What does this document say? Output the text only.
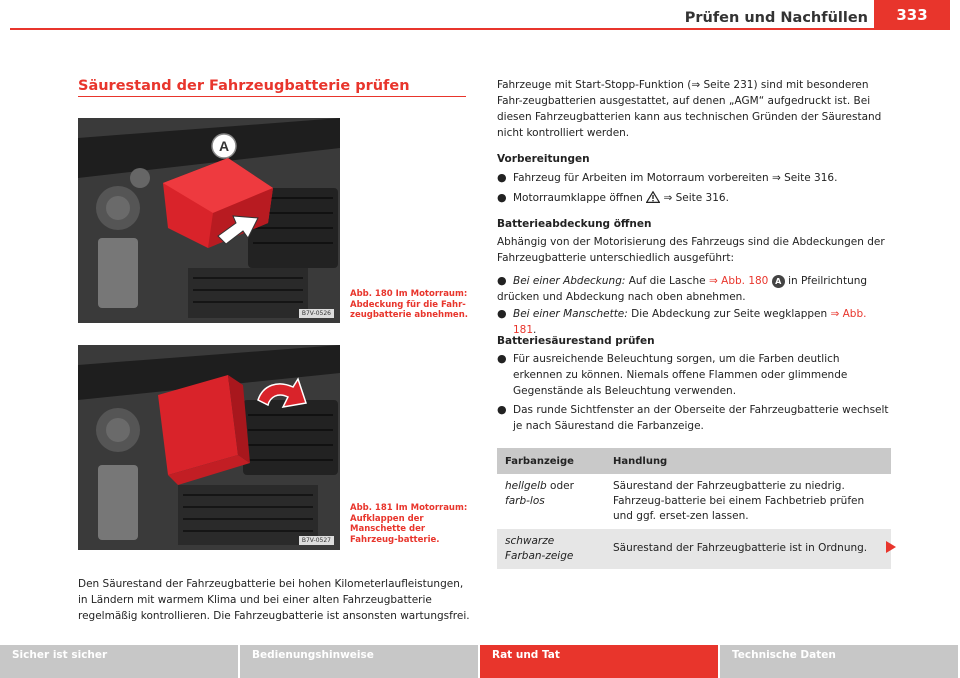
Prüfen und Nachfüllen	333
Säurestand der Fahrzeugbatterie prüfen
A
B7V-0526
Abb. 180 Im Motorraum: Abdeckung für die Fahr-zeugbatterie abnehmen.
B7V-0527
Abb. 181 Im Motorraum: Aufklappen der Manschette der Fahrzeug-batterie.
Den Säurestand der Fahrzeugbatterie bei hohen Kilometerlaufleistungen, in Ländern mit warmem Klima und bei einer alten Fahrzeugbatterie regelmäßig kontrollieren. Die Fahrzeugbatterie ist ansonsten wartungsfrei.
Fahrzeuge mit Start-Stopp-Funktion (⇒ Seite 231) sind mit besonderen Fahr-zeugbatterien ausgestattet, auf denen „AGM“ aufgedruckt ist. Bei diesen Fahrzeugbatterien kann aus technischen Gründen der Säurestand nicht kontrolliert werden.
Vorbereitungen
● Fahrzeug für Arbeiten im Motorraum vorbereiten ⇒ Seite 316.
● Motorraumklappe öffnen ⇒ Seite 316.
Batterieabdeckung öffnen
Abhängig von der Motorisierung des Fahrzeugs sind die Abdeckungen der Fahrzeugbatterie unterschiedlich ausgeführt:
● Bei einer Abdeckung: Auf die Lasche ⇒ Abb. 180 A in Pfeilrichtung
drücken und Abdeckung nach oben abnehmen.
● Bei einer Manschette: Die Abdeckung zur Seite wegklappen ⇒ Abb. 181.
Batteriesäurestand prüfen
● Für ausreichende Beleuchtung sorgen, um die Farben deutlich erkennen zu können. Niemals offene Flammen oder glimmende Gegenstände als Beleuchtung verwenden.
● Das runde Sichtfenster an der Oberseite der Fahrzeugbatterie wechselt je nach Säurestand die Farbanzeige.
Farbanzeige	Handlung
hellgelb oder farb-los	Säurestand der Fahrzeugbatterie zu niedrig. Fahrzeug-batterie bei einem Fachbetrieb prüfen und ggf. erset-zen lassen.
schwarze Farban-zeige	Säurestand der Fahrzeugbatterie ist in Ordnung.
Sicher ist sicher	Bedienungshinweise	Rat und Tat	Technische Daten
